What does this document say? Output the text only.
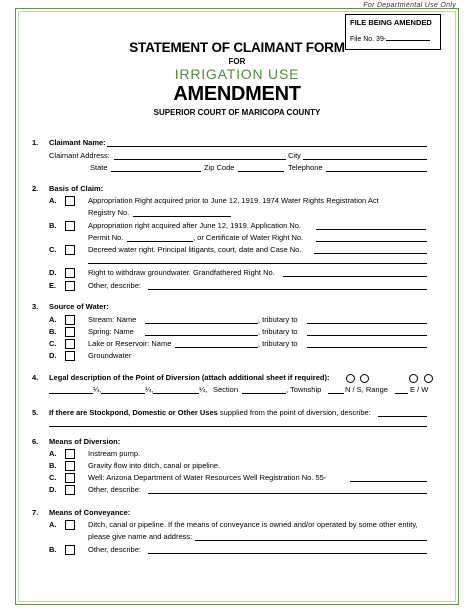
For Departmental Use Only
FILE BEING AMENDED
File No. 39-
STATEMENT OF CLAIMANT FORM
FOR
IRRIGATION USE
AMENDMENT
SUPERIOR COURT OF MARICOPA COUNTY
1. Claimant Name:
Claimant Address:	City
State	Zip Code	Telephone
2. Basis of Claim:
A.	Appropriation Right acquired prior to June 12, 1919. 1974 Water Rights Registration Act
Registry No.
B.	Appropriation right acquired after June 12, 1919. Application No.
Permit No.	, or Certificate of Water Right No.
C.	Decreed water right. Principal litigants, court, date and Case No.
D.	Right to withdraw groundwater. Grandfathered Right No.
E.	Other, describe:
3. Source of Water:
A.	Stream: Name	, tributary to
B.	Spring: Name	, tributary to
C.	Lake or Reservoir: Name	, tributary to
D.	Groundwater
4. Legal description of the Point of Diversion (attach additional sheet if required):
¼,	¼,	¼, Section	, Township	N / S, Range	E / W
5. If there are Stockpond, Domestic or Other Uses supplied from the point of diversion, describe:
6. Means of Diversion:
A.	Instream pump.
B.	Gravity flow into ditch, canal or pipeline.
C.	Well: Arizona Department of Water Resources Well Registration No. 55-
D.	Other, describe:
7. Means of Conveyance:
A.	Ditch, canal or pipeline. If the means of conveyance is owned and/or operated by some other entity,
please give name and address:
B.	Other, describe:
